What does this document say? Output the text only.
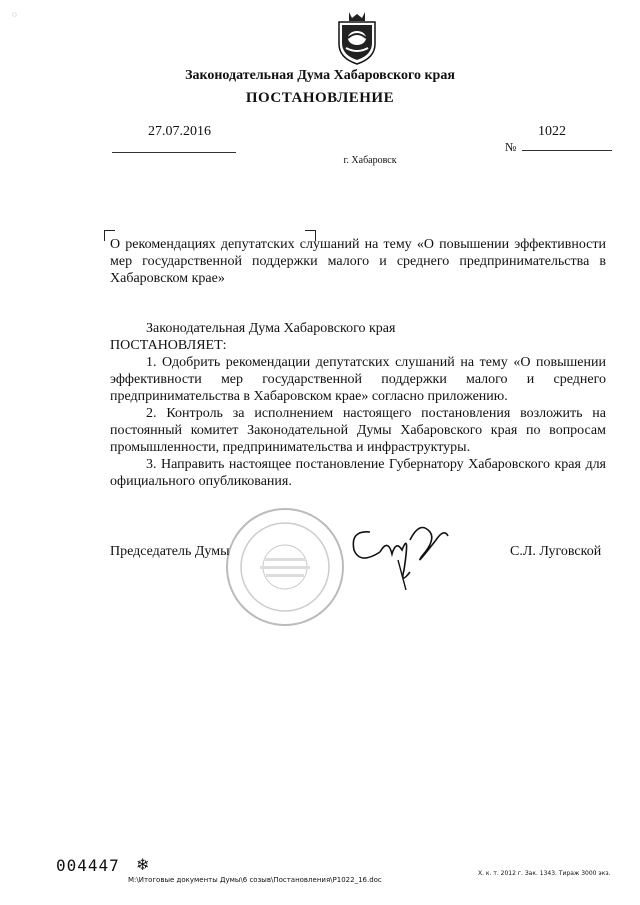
◌
Законодательная Дума Хабаровского края
ПОСТАНОВЛЕНИЕ
27.07.2016
№
1022
г. Хабаровск
О рекомендациях депутатских слушаний на тему «О повышении эффективности мер государственной поддержки малого и среднего предпринимательства в Хабаровском крае»

Законодательная Дума Хабаровского края

ПОСТАНОВЛЯЕТ:

1. Одобрить рекомендации депутатских слушаний на тему «О повышении эффективности мер государственной поддержки малого и среднего предпринимательства в Хабаровском крае» согласно приложению.

2. Контроль за исполнением настоящего постановления возложить на постоянный комитет Законодательной Думы Хабаровского края по вопросам промышленности, предпринимательства и инфраструктуры.

3. Направить настоящее постановление Губернатору Хабаровского края для официального опубликования.

Председатель Думы	С.Л. Луговской
004447 ❄
M:\Итоговые документы Думы\6 созыв\Постановления\P1022_16.doc
Х. к. т. 2012 г. Зак. 1343. Тираж 3000 экз.
